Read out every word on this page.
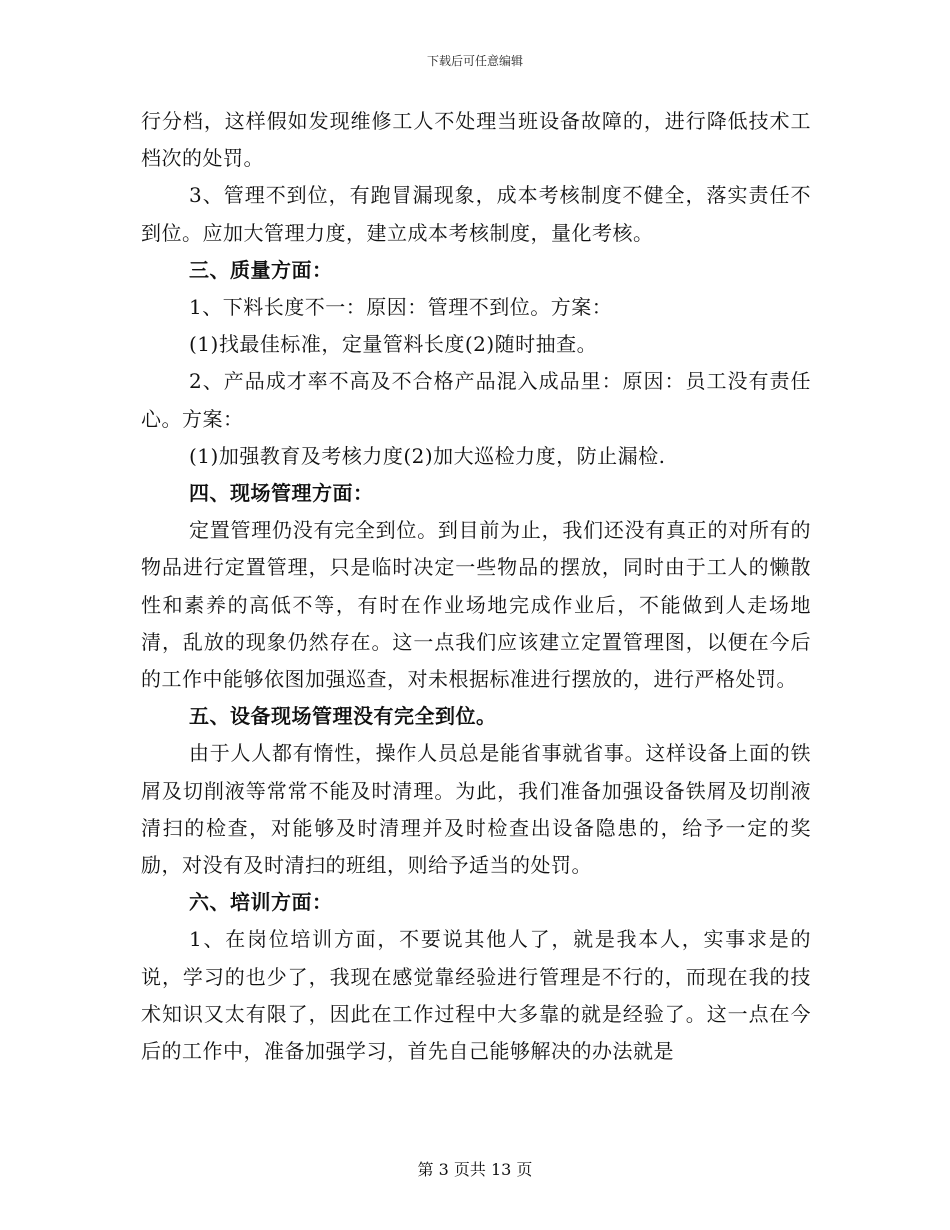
下载后可任意编辑

行分档，这样假如发现维修工人不处理当班设备故障的，进行降低技术工档次的处罚。

3、管理不到位，有跑冒漏现象，成本考核制度不健全，落实责任不到位。应加大管理力度，建立成本考核制度，量化考核。

三、质量方面：

1、下料长度不一：原因：管理不到位。方案：

(1)找最佳标准，定量管料长度(2)随时抽查。

2、产品成才率不高及不合格产品混入成品里：原因：员工没有责任心。方案：

(1)加强教育及考核力度(2)加大巡检力度，防止漏检.

四、现场管理方面：

定置管理仍没有完全到位。到目前为止，我们还没有真正的对所有的物品进行定置管理，只是临时决定一些物品的摆放，同时由于工人的懒散性和素养的高低不等，有时在作业场地完成作业后，不能做到人走场地清，乱放的现象仍然存在。这一点我们应该建立定置管理图，以便在今后的工作中能够依图加强巡查，对未根据标准进行摆放的，进行严格处罚。

五、设备现场管理没有完全到位。

由于人人都有惰性，操作人员总是能省事就省事。这样设备上面的铁屑及切削液等常常不能及时清理。为此，我们准备加强设备铁屑及切削液清扫的检查，对能够及时清理并及时检查出设备隐患的，给予一定的奖励，对没有及时清扫的班组，则给予适当的处罚。

六、培训方面：

1、在岗位培训方面，不要说其他人了，就是我本人，实事求是的说，学习的也少了，我现在感觉靠经验进行管理是不行的，而现在我的技术知识又太有限了，因此在工作过程中大多靠的就是经验了。这一点在今后的工作中，准备加强学习，首先自己能够解决的办法就是

第 3 页共 13 页
